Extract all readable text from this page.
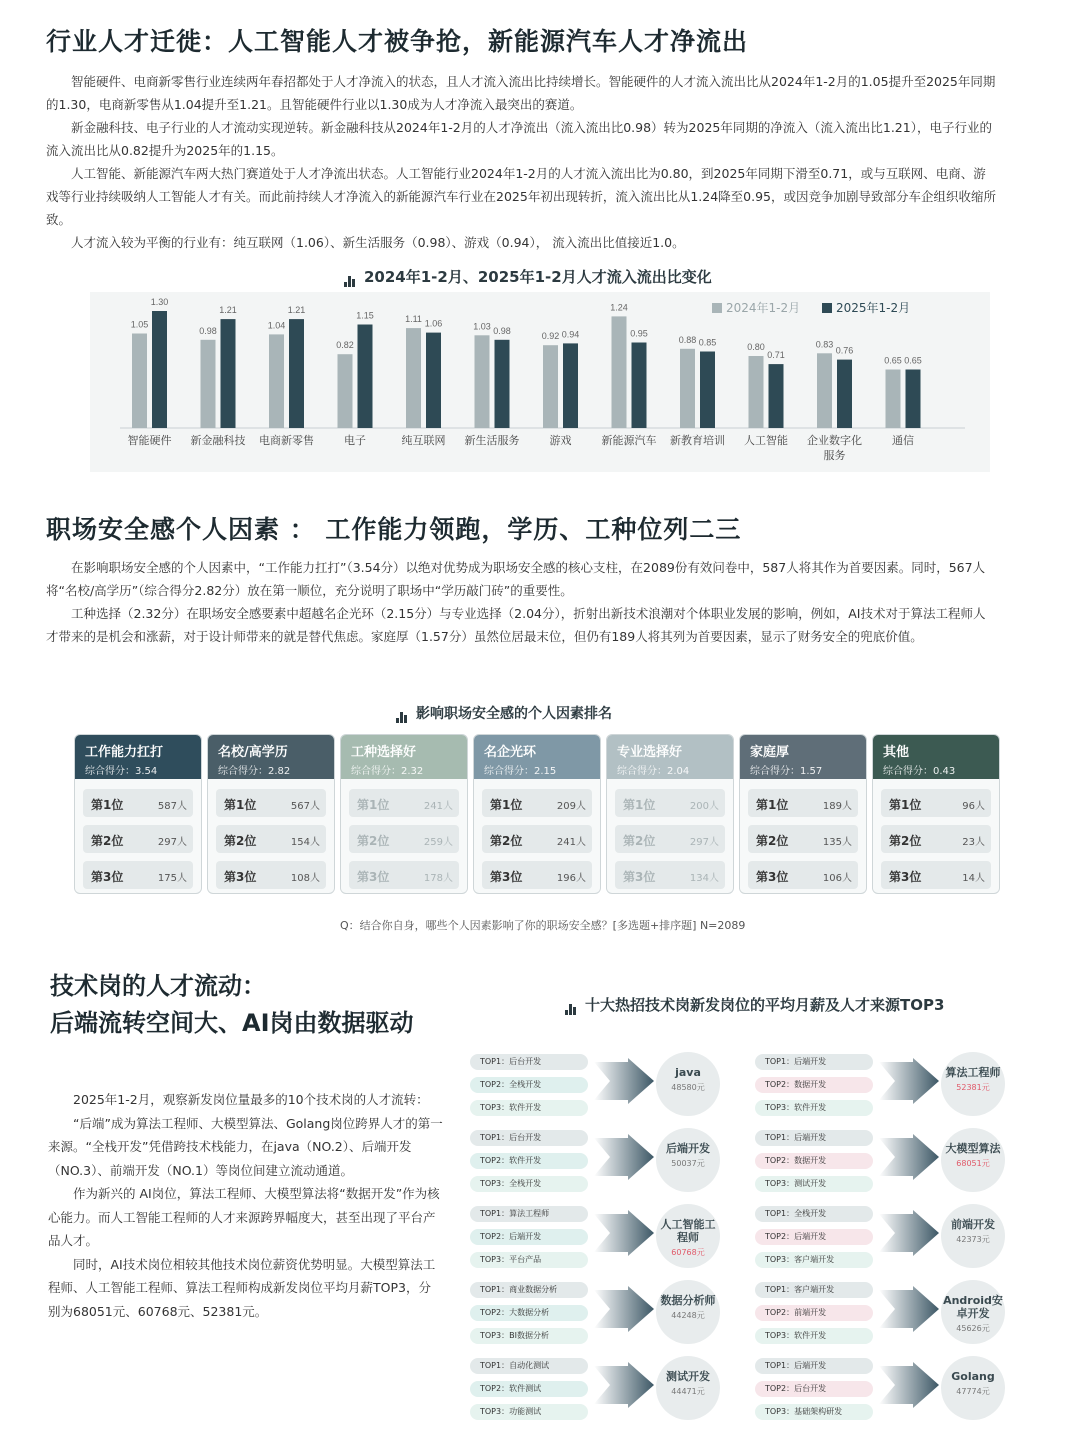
行业人才迁徙：人工智能人才被争抢，新能源汽车人才净流出

智能硬件、电商新零售行业连续两年春招都处于人才净流入的状态，且人才流入流出比持续增长。智能硬件的人才流入流出比从2024年1-2月的1.05提升至2025年同期的1.30，电商新零售从1.04提升至1.21。且智能硬件行业以1.30成为人才净流入最突出的赛道。

新金融科技、电子行业的人才流动实现逆转。新金融科技从2024年1-2月的人才净流出（流入流出比0.98）转为2025年同期的净流入（流入流出比1.21），电子行业的流入流出比从0.82提升为2025年的1.15。

人工智能、新能源汽车两大热门赛道处于人才净流出状态。人工智能行业2024年1-2月的人才流入流出比为0.80，到2025年同期下滑至0.71，或与互联网、电商、游戏等行业持续吸纳人工智能人才有关。而此前持续人才净流入的新能源汽车行业在2025年初出现转折，流入流出比从1.24降至0.95，或因竞争加剧导致部分车企组织收缩所致。

人才流入较为平衡的行业有：纯互联网（1.06）、新生活服务（0.98）、游戏（0.94）， 流入流出比值接近1.0。

2024年1-2月、2025年1-2月人才流入流出比变化
1.05
1.30
智能硬件
0.98
1.21
新金融科技
1.04
1.21
电商新零售
0.82
1.15
电子
1.11 1.06
纯互联网
1.03 0.98
新生活服务
0.92 0.94
游戏
1.24
0.95
新能源汽车
0.88 0.85
新教育培训
0.80
0.71
人工智能
0.83
0.76
企业数字化
服务
0.65 0.65
通信
2024年1-2月	2025年1-2月
职场安全感个人因素 ： 工作能力领跑，学历、工种位列二三

在影响职场安全感的个人因素中，“工作能力扛打”（3.54分）以绝对优势成为职场安全感的核心支柱，在2089份有效问卷中，587人将其作为首要因素。同时，567人将“名校/高学历”（综合得分2.82分）放在第一顺位，充分说明了职场中“学历敲门砖”的重要性。

工种选择（2.32分）在职场安全感要素中超越名企光环（2.15分）与专业选择（2.04分），折射出新技术浪潮对个体职业发展的影响，例如，AI技术对于算法工程师人才带来的是机会和涨薪，对于设计师带来的就是替代焦虑。家庭厚（1.57分）虽然位居最末位，但仍有189人将其列为首要因素，显示了财务安全的兜底价值。

影响职场安全感的个人因素排名
工作能力扛打
综合得分：3.54
第1位	587人
第2位	297人
第3位	175人
名校/高学历
综合得分：2.82
第1位	567人
第2位	154人
第3位	108人
工种选择好
综合得分：2.32
第1位	241人
第2位	259人
第3位	178人
名企光环
综合得分：2.15
第1位	209人
第2位	241人
第3位	196人
专业选择好
综合得分：2.04
第1位	200人
第2位	297人
第3位	134人
家庭厚
综合得分：1.57
第1位	189人
第2位	135人
第3位	106人
其他
综合得分：0.43
第1位	96人
第2位	23人
第3位	14人
Q：结合你自身，哪些个人因素影响了你的职场安全感？[多选题+排序题] N=2089
技术岗的人才流动：
后端流转空间大、AI岗由数据驱动
十大热招技术岗新发岗位的平均月薪及人才来源TOP3

2025年1-2月，观察新发岗位量最多的10个技术岗的人才流转：

“后端”成为算法工程师、大模型算法、Golang岗位跨界人才的第一来源。“全栈开发”凭借跨技术栈能力，在java（NO.2）、后端开发（NO.3）、前端开发（NO.1）等岗位间建立流动通道。

作为新兴的 AI岗位，算法工程师、大模型算法将“数据开发”作为核心能力。而人工智能工程师的人才来源跨界幅度大，甚至出现了平台产品人才。

同时，AI技术岗位相较其他技术岗位薪资优势明显。大模型算法工程师、人工智能工程师、算法工程师构成新发岗位平均月薪TOP3，分别为68051元、60768元、52381元。

TOP1：后台开发
TOP2：全栈开发
TOP3：软件开发
java
48580元
TOP1：后台开发
TOP2：软件开发
TOP3：全栈开发
后端开发
50037元
TOP1：算法工程师
TOP2：后端开发
TOP3：平台产品
人工智能工程师
60768元
TOP1：商业数据分析
TOP2：大数据分析
TOP3：BI数据分析
数据分析师
44248元
TOP1：自动化测试
TOP2：软件测试
TOP3：功能测试
测试开发
44471元
TOP1：后端开发
TOP2：数据开发
TOP3：软件开发
算法工程师
52381元
TOP1：后端开发
TOP2：数据开发
TOP3：测试开发
大模型算法
68051元
TOP1：全栈开发
TOP2：后端开发
TOP3：客户端开发
前端开发
42373元
TOP1：客户端开发
TOP2：前端开发
TOP3：软件开发
Android安卓开发
45626元
TOP1：后端开发
TOP2：后台开发
TOP3：基础架构研发
Golang
47774元
